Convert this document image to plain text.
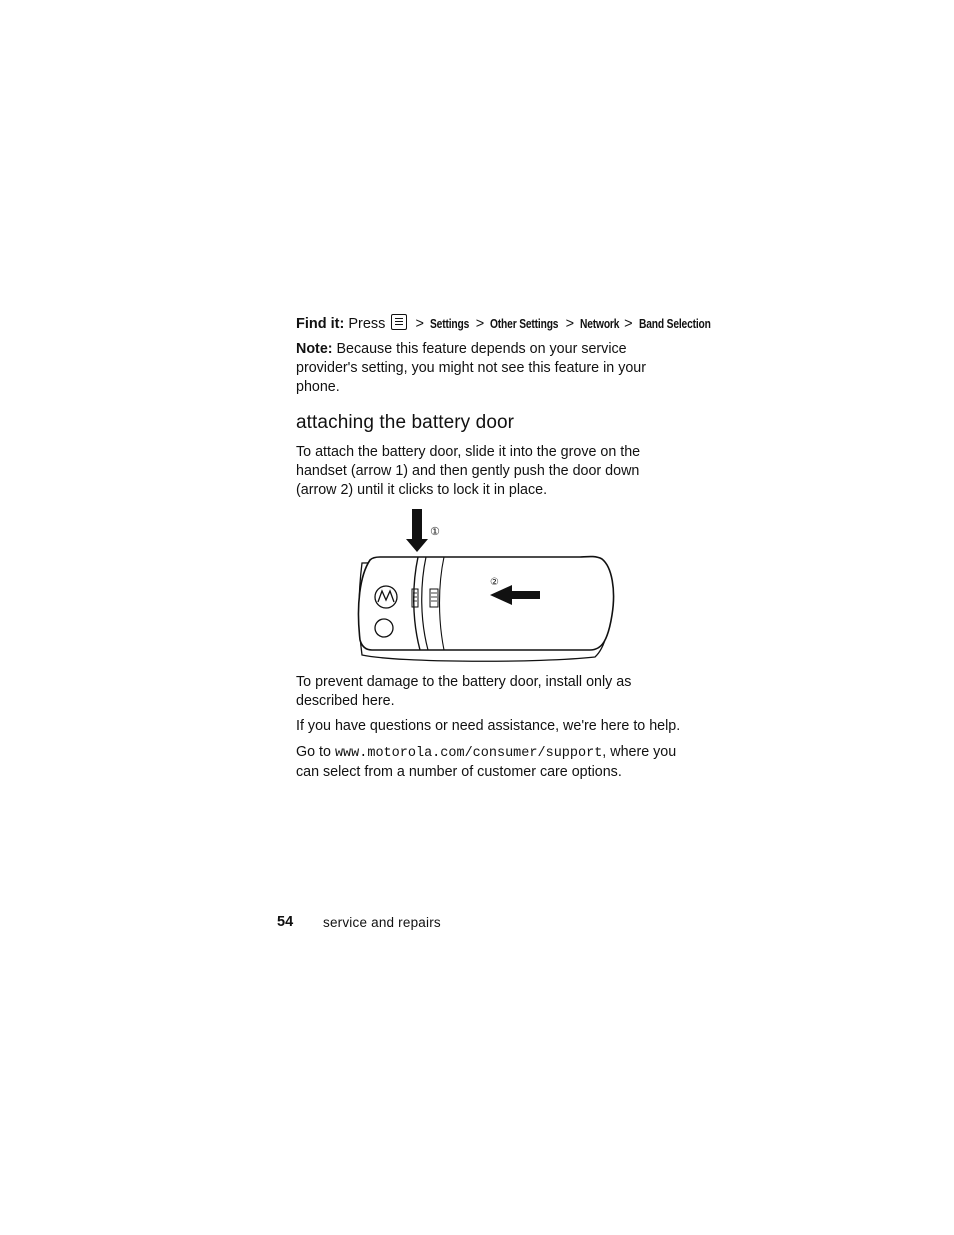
Find it: Press > Settings > Other Settings > Network > Band Selection
Note: Because this feature depends on your service provider's setting, you might not see this feature in your phone.
attaching the battery door
To attach the battery door, slide it into the grove on the handset (arrow 1) and then gently push the door down (arrow 2) until it clicks to lock it in place.
①
②
To prevent damage to the battery door, install only as described here.
If you have questions or need assistance, we're here to help.
Go to www.motorola.com/consumer/support, where you can select from a number of customer care options.
54 service and repairs
